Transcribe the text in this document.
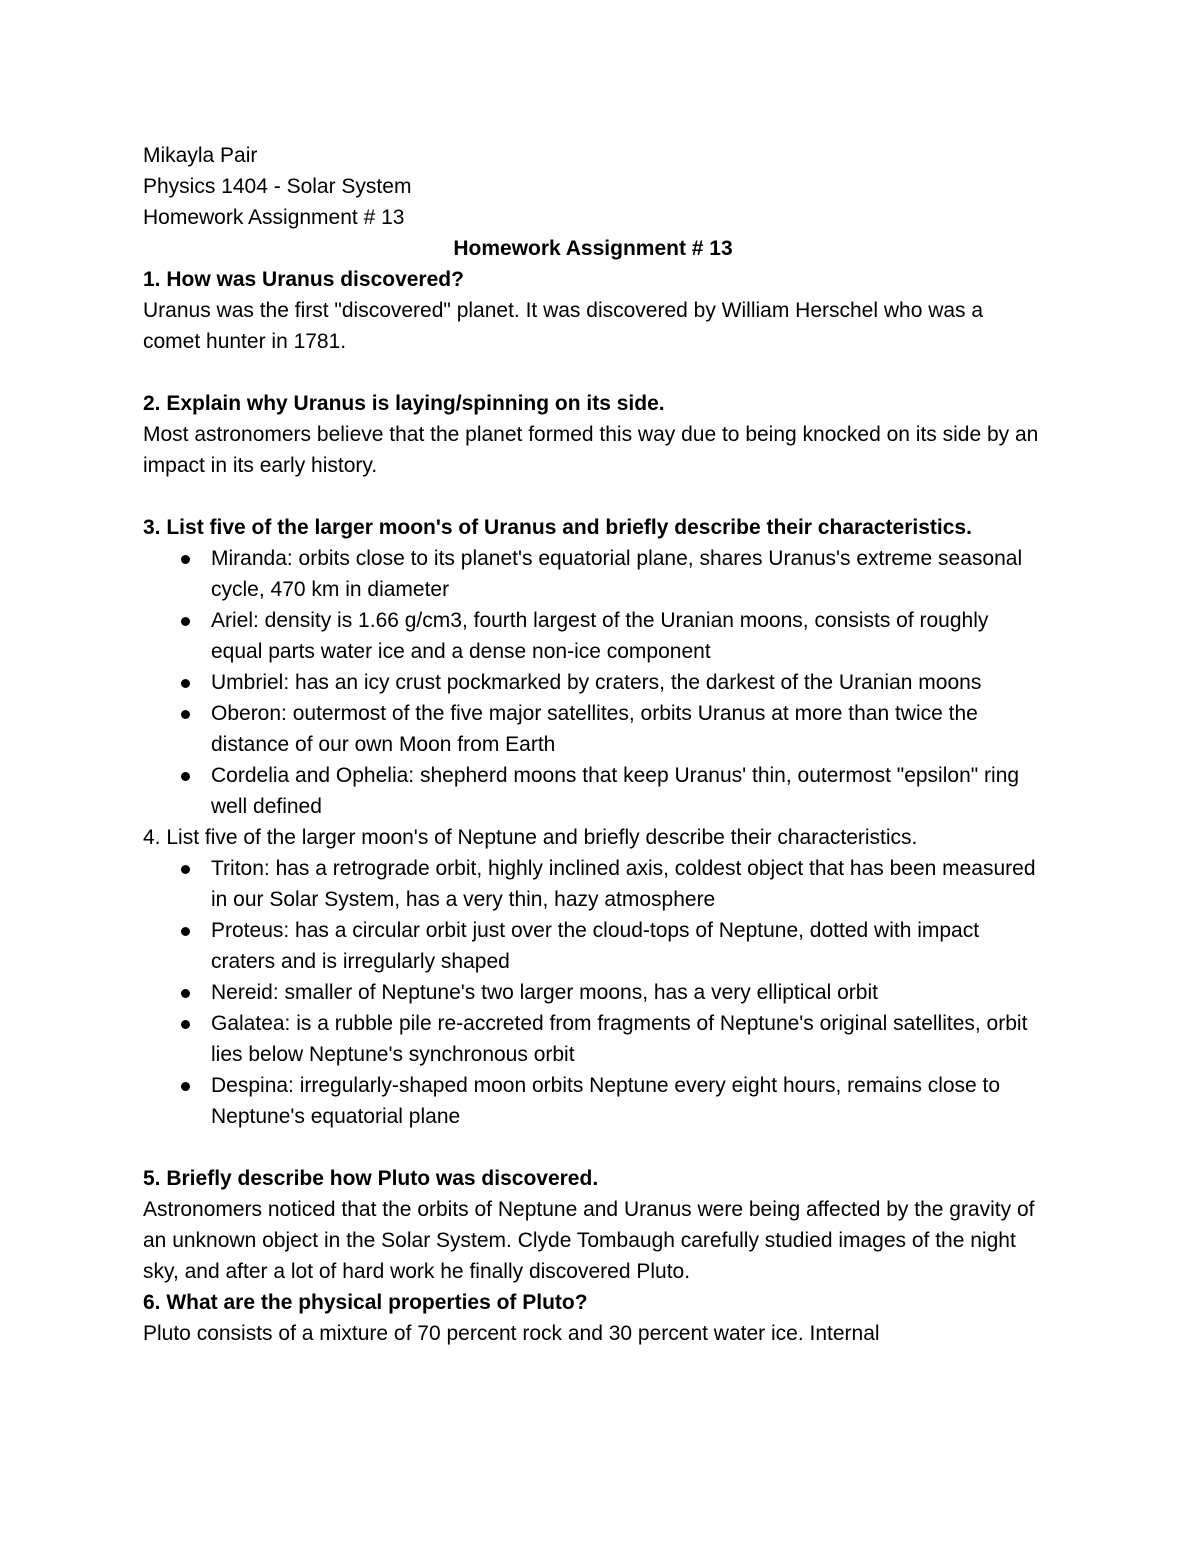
Mikayla Pair
Physics 1404 - Solar System
Homework Assignment # 13
Homework Assignment # 13
1. How was Uranus discovered?
Uranus was the first "discovered" planet. It was discovered by William Herschel who was a comet hunter in 1781.
2. Explain why Uranus is laying/spinning on its side.
Most astronomers believe that the planet formed this way due to being knocked on its side by an impact in its early history.
3. List five of the larger moon's of Uranus and briefly describe their characteristics.
Miranda: orbits close to its planet's equatorial plane, shares Uranus's extreme seasonal cycle, 470 km in diameter
Ariel: density is 1.66 g/cm3, fourth largest of the Uranian moons, consists of roughly equal parts water ice and a dense non-ice component
Umbriel: has an icy crust pockmarked by craters, the darkest of the Uranian moons
Oberon: outermost of the five major satellites, orbits Uranus at more than twice the distance of our own Moon from Earth
Cordelia and Ophelia: shepherd moons that keep Uranus' thin, outermost "epsilon" ring well defined
4. List five of the larger moon's of Neptune and briefly describe their characteristics.
Triton: has a retrograde orbit, highly inclined axis, coldest object that has been measured in our Solar System, has a very thin, hazy atmosphere
Proteus: has a circular orbit just over the cloud-tops of Neptune, dotted with impact craters and is irregularly shaped
Nereid: smaller of Neptune's two larger moons, has a very elliptical orbit
Galatea: is a rubble pile re-accreted from fragments of Neptune's original satellites, orbit lies below Neptune's synchronous orbit
Despina: irregularly-shaped moon orbits Neptune every eight hours, remains close to Neptune's equatorial plane
5. Briefly describe how Pluto was discovered.
Astronomers noticed that the orbits of Neptune and Uranus were being affected by the gravity of an unknown object in the Solar System. Clyde Tombaugh carefully studied images of the night sky, and after a lot of hard work he finally discovered Pluto.
6. What are the physical properties of Pluto?
Pluto consists of a mixture of 70 percent rock and 30 percent water ice. Internal
